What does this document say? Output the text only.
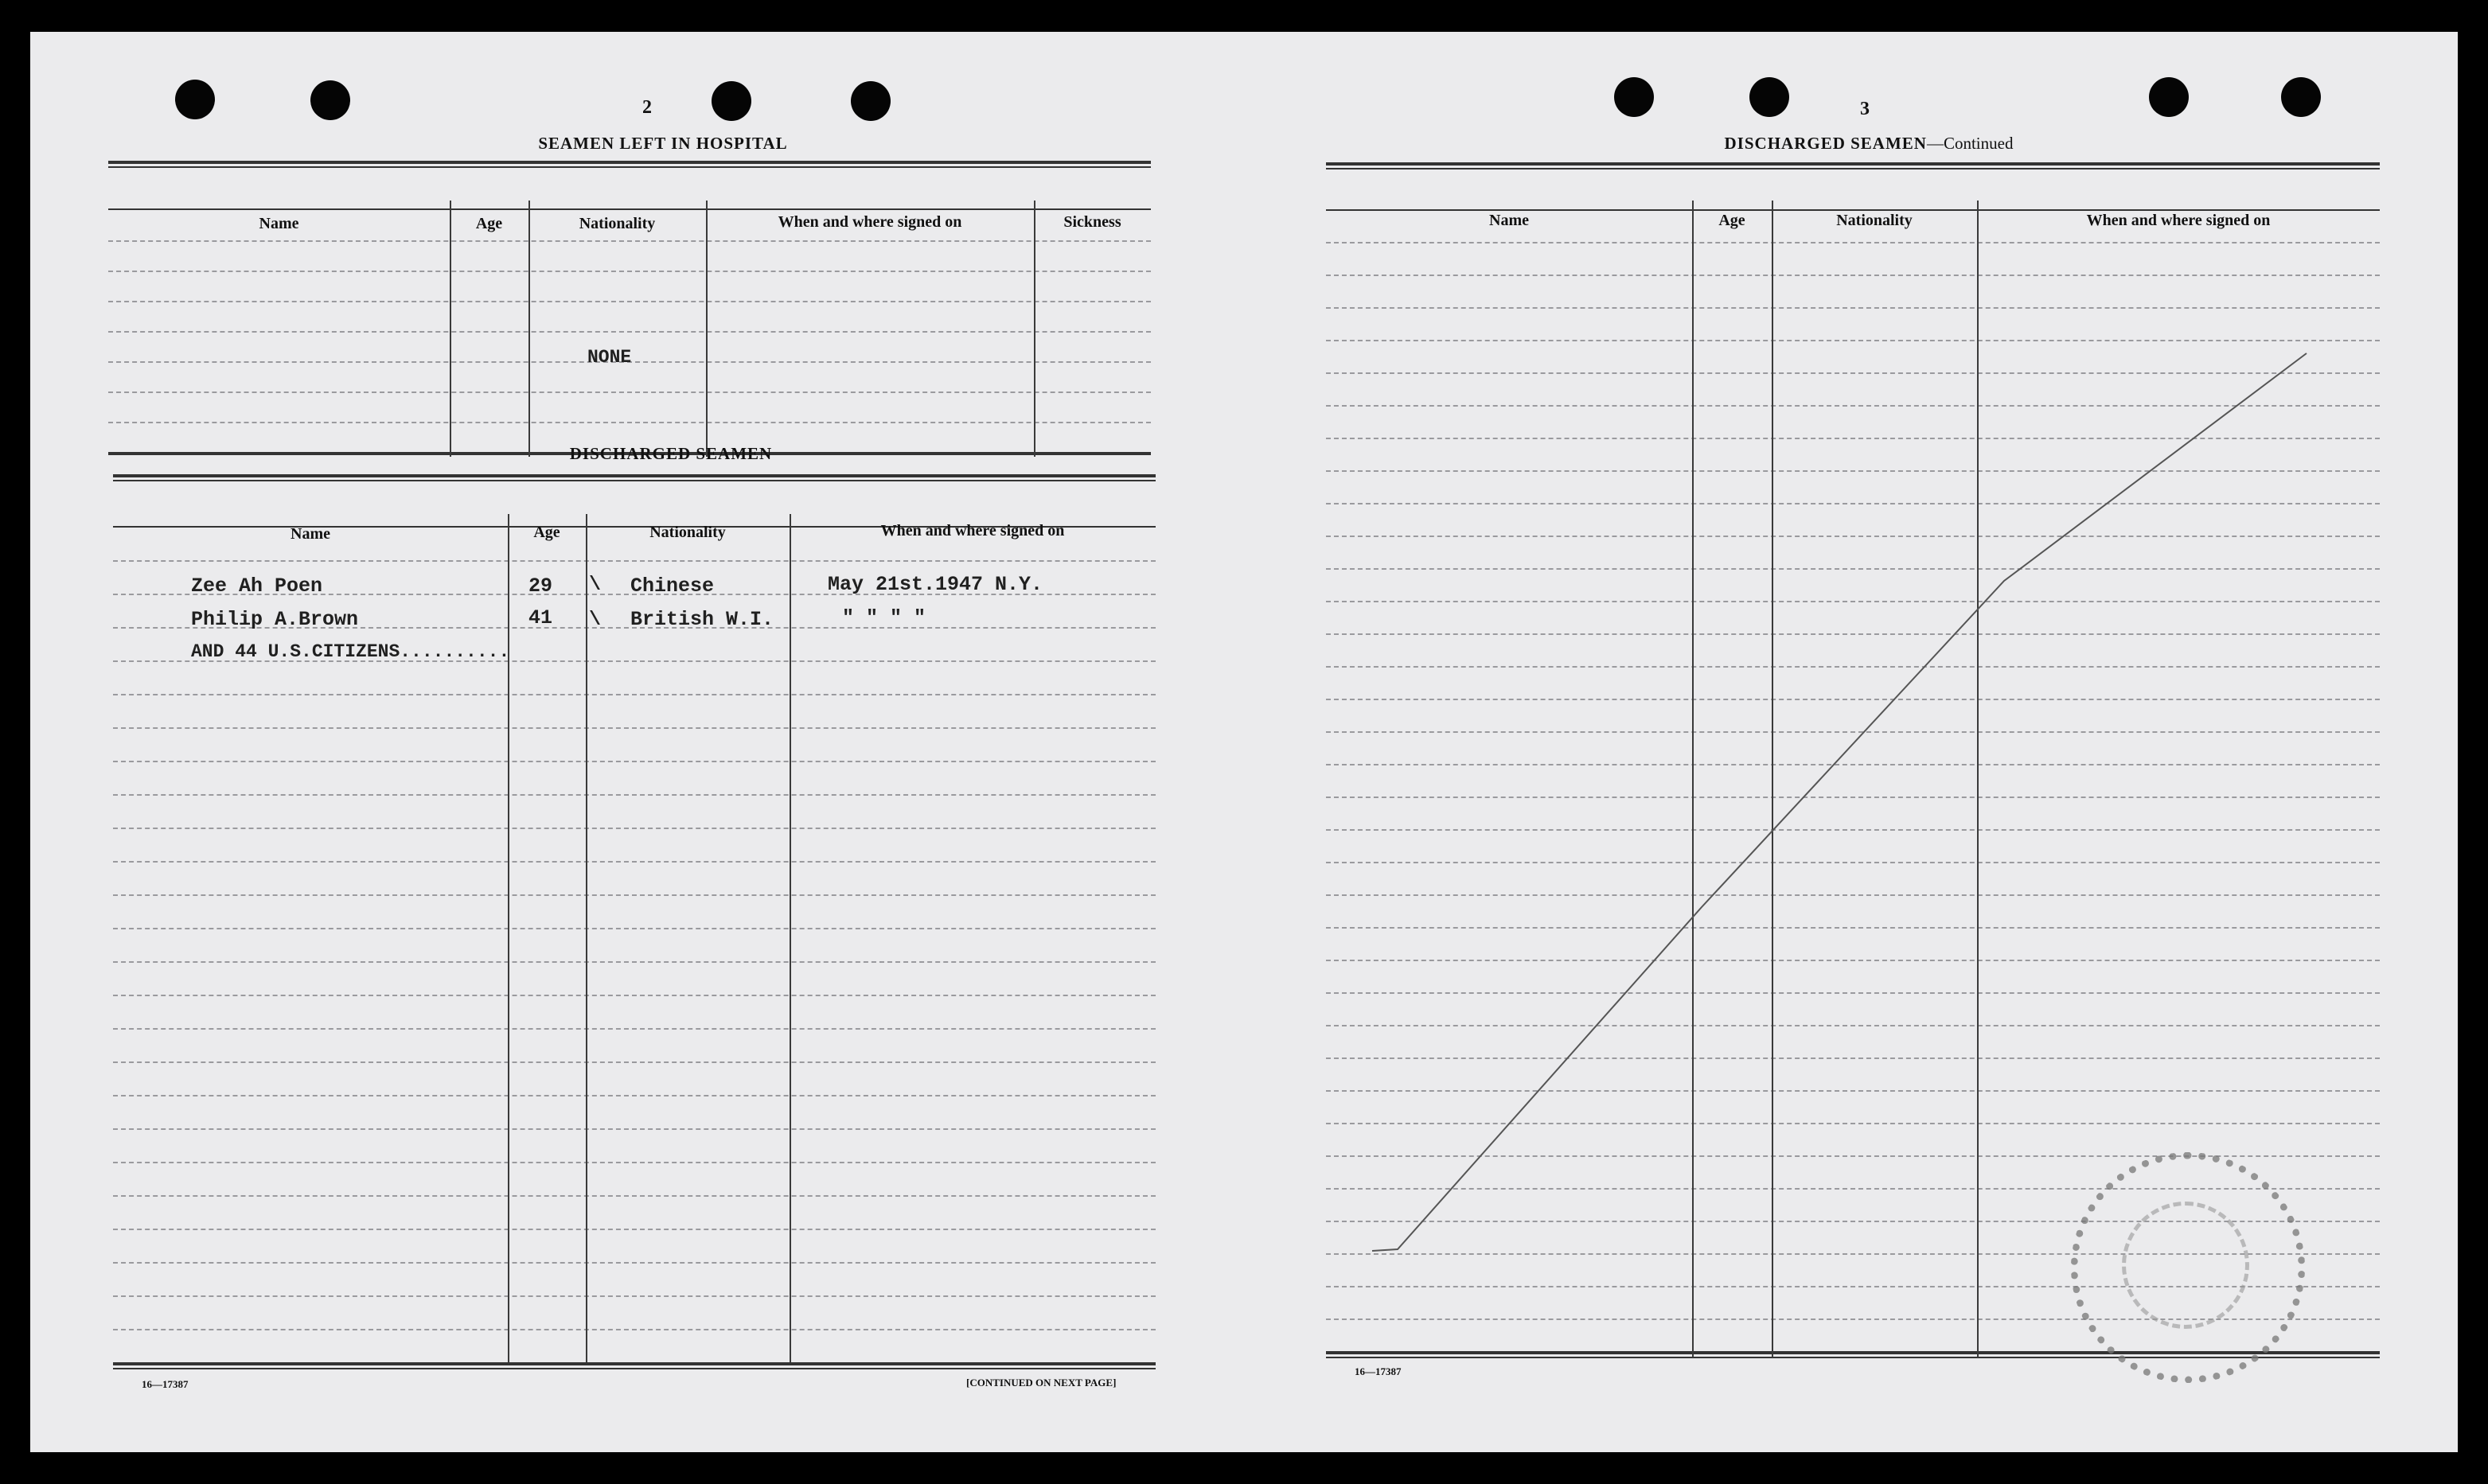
2
SEAMEN LEFT IN HOSPITAL
Name	Age	Nationality	When and where signed on	Sickness
NONE
DISCHARGED SEAMEN
Name	Age	Nationality	When and where signed on
Zee Ah Poen	29 \ Chinese	May 21st.1947 N.Y.
Philip A.Brown	41 \ British W.I.	" " " "
AND 44 U.S.CITIZENS..........
16—17387	[CONTINUED ON NEXT PAGE]
3
DISCHARGED SEAMEN—Continued
Name	Age	Nationality	When and where signed on
16—17387
